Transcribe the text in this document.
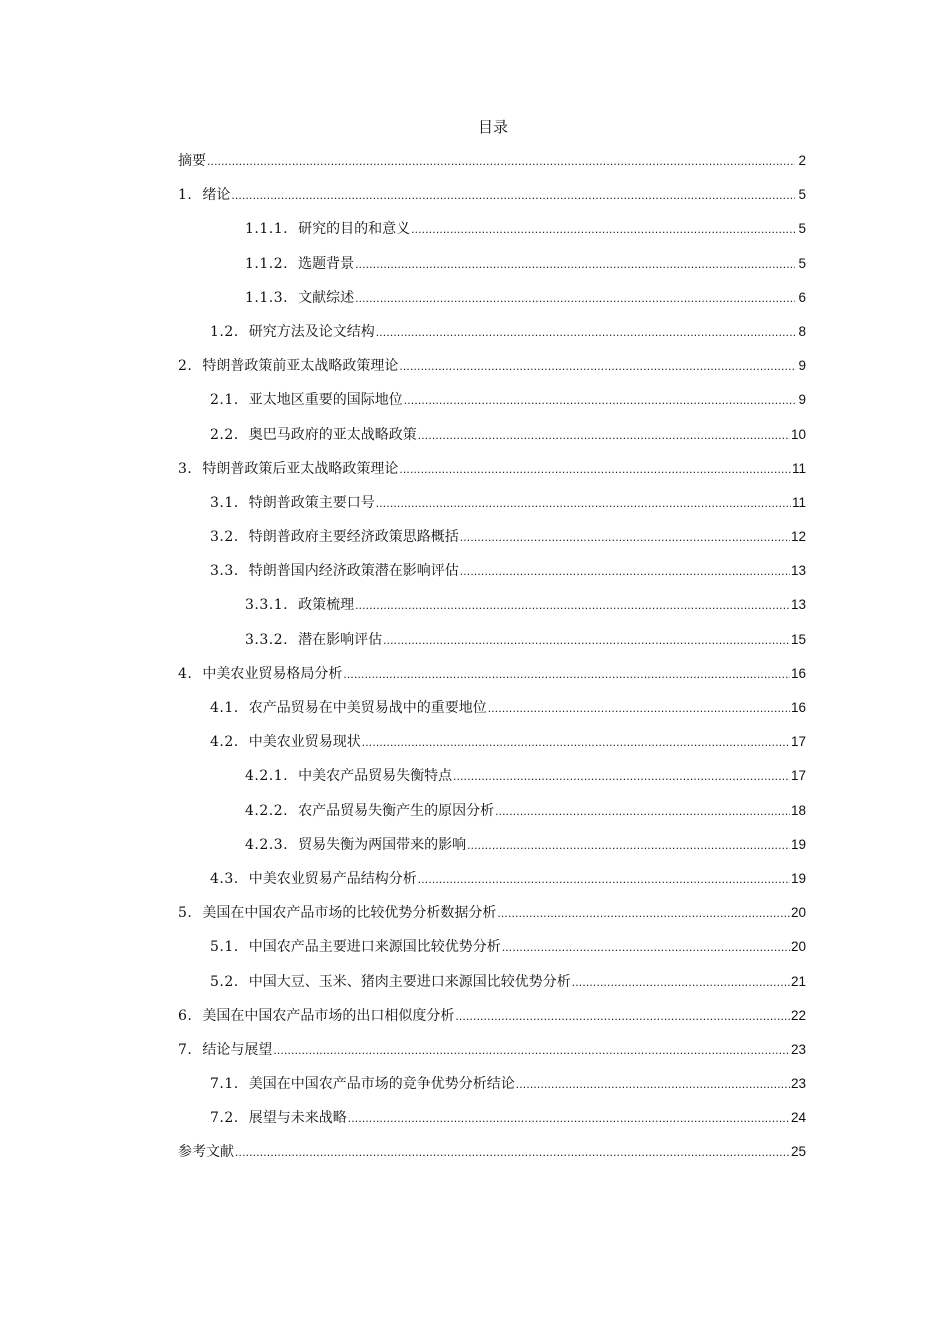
目录
摘要 .....	2
1. 绪论 .....	5
1.1.1. 研究的目的和意义 .....	5
1.1.2. 选题背景 .....	5
1.1.3. 文献综述 .....	6
1.2. 研究方法及论文结构 .....	8
2. 特朗普政策前亚太战略政策理论 .....	9
2.1. 亚太地区重要的国际地位 .....	9
2.2. 奥巴马政府的亚太战略政策 .....	10
3. 特朗普政策后亚太战略政策理论 .....	11
3.1. 特朗普政策主要口号 .....	11
3.2. 特朗普政府主要经济政策思路概括 .....	12
3.3. 特朗普国内经济政策潜在影响评估 .....	13
3.3.1. 政策梳理 .....	13
3.3.2. 潜在影响评估 .....	15
4. 中美农业贸易格局分析 .....	16
4.1. 农产品贸易在中美贸易战中的重要地位 .....	16
4.2. 中美农业贸易现状 .....	17
4.2.1. 中美农产品贸易失衡特点 .....	17
4.2.2. 农产品贸易失衡产生的原因分析 .....	18
4.2.3. 贸易失衡为两国带来的影响 .....	19
4.3. 中美农业贸易产品结构分析 .....	19
5. 美国在中国农产品市场的比较优势分析数据分析 .....	20
5.1. 中国农产品主要进口来源国比较优势分析 .....	20
5.2. 中国大豆、玉米、猪肉主要进口来源国比较优势分析 .....	21
6. 美国在中国农产品市场的出口相似度分析 .....	22
7. 结论与展望 .....	23
7.1. 美国在中国农产品市场的竞争优势分析结论 .....	23
7.2. 展望与未来战略 .....	24
参考文献 .....	25
